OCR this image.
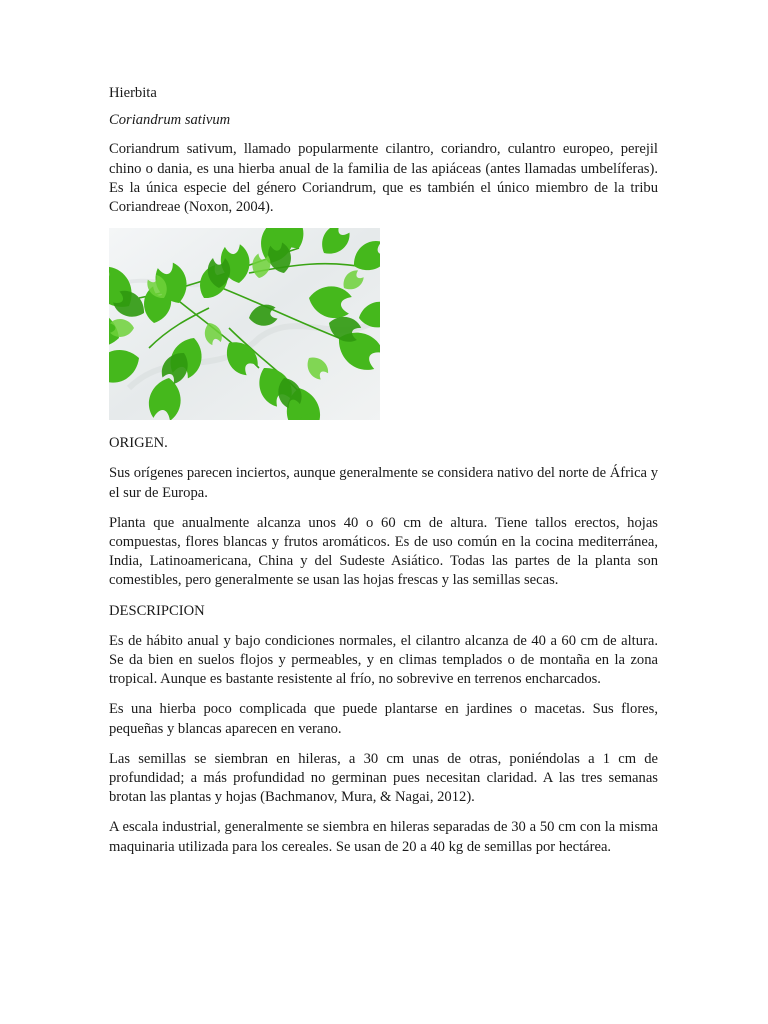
Hierbita

Coriandrum sativum

Coriandrum sativum, llamado popularmente cilantro, coriandro, culantro europeo, perejil chino o dania, es una hierba anual de la familia de las apiáceas (antes llamadas umbelíferas). Es la única especie del género Coriandrum, que es también el único miembro de la tribu Coriandreae (Noxon, 2004).

ORIGEN.

Sus orígenes parecen inciertos, aunque generalmente se considera nativo del norte de África y el sur de Europa.

Planta que anualmente alcanza unos 40 o 60 cm de altura. Tiene tallos erectos, hojas compuestas, flores blancas y frutos aromáticos. Es de uso común en la cocina mediterránea, India, Latinoamericana, China y del Sudeste Asiático. Todas las partes de la planta son comestibles, pero generalmente se usan las hojas frescas y las semillas secas.

DESCRIPCION

Es de hábito anual y bajo condiciones normales, el cilantro alcanza de 40 a 60 cm de altura. Se da bien en suelos flojos y permeables, y en climas templados o de montaña en la zona tropical. Aunque es bastante resistente al frío, no sobrevive en terrenos encharcados.

Es una hierba poco complicada que puede plantarse en jardines o macetas. Sus flores, pequeñas y blancas aparecen en verano.

Las semillas se siembran en hileras, a 30 cm unas de otras, poniéndolas a 1 cm de profundidad; a más profundidad no germinan pues necesitan claridad. A las tres semanas brotan las plantas y hojas (Bachmanov, Mura, & Nagai, 2012).

A escala industrial, generalmente se siembra en hileras separadas de 30 a 50 cm con la misma maquinaria utilizada para los cereales. Se usan de 20 a 40 kg de semillas por hectárea.
